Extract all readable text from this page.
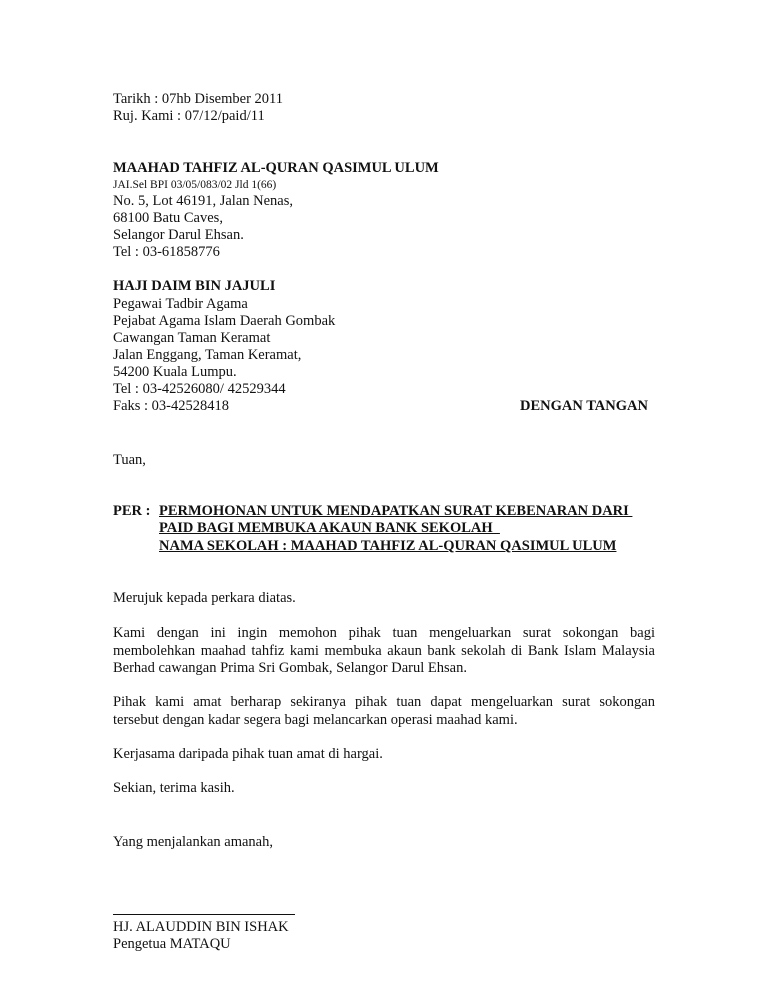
Tarikh : 07hb Disember 2011
Ruj. Kami : 07/12/paid/11
MAAHAD TAHFIZ AL-QURAN QASIMUL ULUM
JAI.Sel BPI 03/05/083/02 Jld 1(66)
No. 5, Lot 46191, Jalan Nenas,
68100 Batu Caves,
Selangor Darul Ehsan.
Tel : 03-61858776
HAJI DAIM BIN JAJULI
Pegawai Tadbir Agama
Pejabat Agama Islam Daerah Gombak
Cawangan Taman Keramat
Jalan Enggang, Taman Keramat,
54200 Kuala Lumpu.
Tel : 03-42526080/ 42529344
Faks : 03-42528418	DENGAN TANGAN
Tuan,
PER : PERMOHONAN UNTUK MENDAPATKAN SURAT KEBENARAN DARI
PAID BAGI MEMBUKA AKAUN BANK SEKOLAH
NAMA SEKOLAH : MAAHAD TAHFIZ AL-QURAN QASIMUL ULUM
Merujuk kepada perkara diatas.
Kami dengan ini ingin memohon pihak tuan mengeluarkan surat sokongan bagi
membolehkan maahad tahfiz kami membuka akaun bank sekolah di Bank Islam Malaysia
Berhad cawangan Prima Sri Gombak, Selangor Darul Ehsan.
Pihak kami amat berharap sekiranya pihak tuan dapat mengeluarkan surat sokongan
tersebut dengan kadar segera bagi melancarkan operasi maahad kami.
Kerjasama daripada pihak tuan amat di hargai.
Sekian, terima kasih.
Yang menjalankan amanah,
HJ. ALAUDDIN BIN ISHAK
Pengetua MATAQU
